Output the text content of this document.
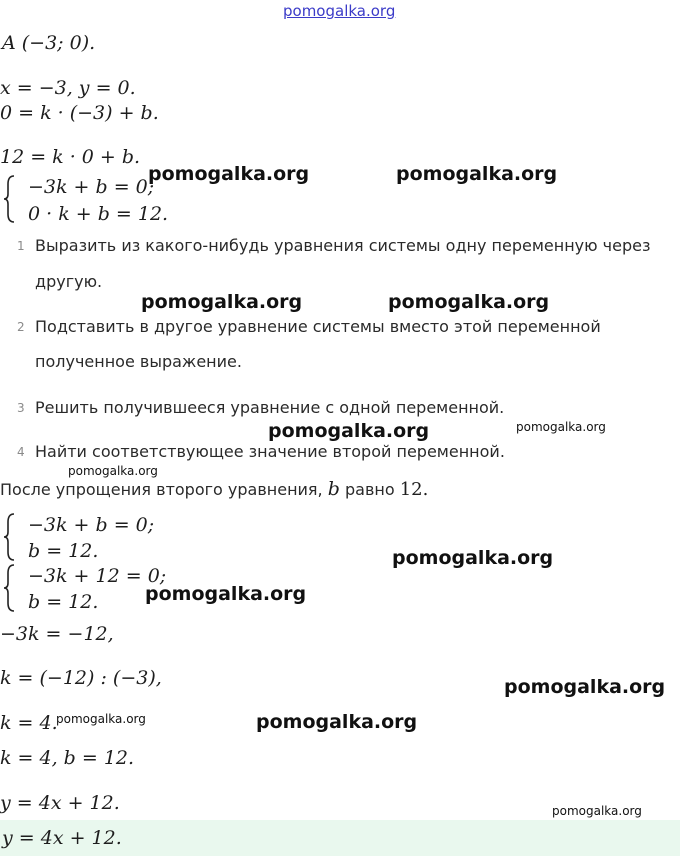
pomogalka.org
A (−3; 0).
x = −3, y = 0.
0 = k · (−3) + b.
12 = k · 0 + b.
−3k + b = 0;
0 · k + b = 12.
1 Выразить из какого-нибудь уравнения системы одну переменную через
другую.
2 Подставить в другое уравнение системы вместо этой переменной
полученное выражение.
3 Решить получившееся уравнение с одной переменной.
4 Найти соответствующее значение второй переменной.
После упрощения второго уравнения, b равно 12.
−3k + b = 0;
b = 12.
−3k + 12 = 0;
b = 12.
−3k = −12,
k = (−12) : (−3),
k = 4.
k = 4, b = 12.
y = 4x + 12.
y = 4x + 12.
pomogalka.org	pomogalka.org
pomogalka.org	pomogalka.org
pomogalka.org	pomogalka.org
pomogalka.org
pomogalka.org
pomogalka.org
pomogalka.org
pomogalka.org	pomogalka.org
pomogalka.org
